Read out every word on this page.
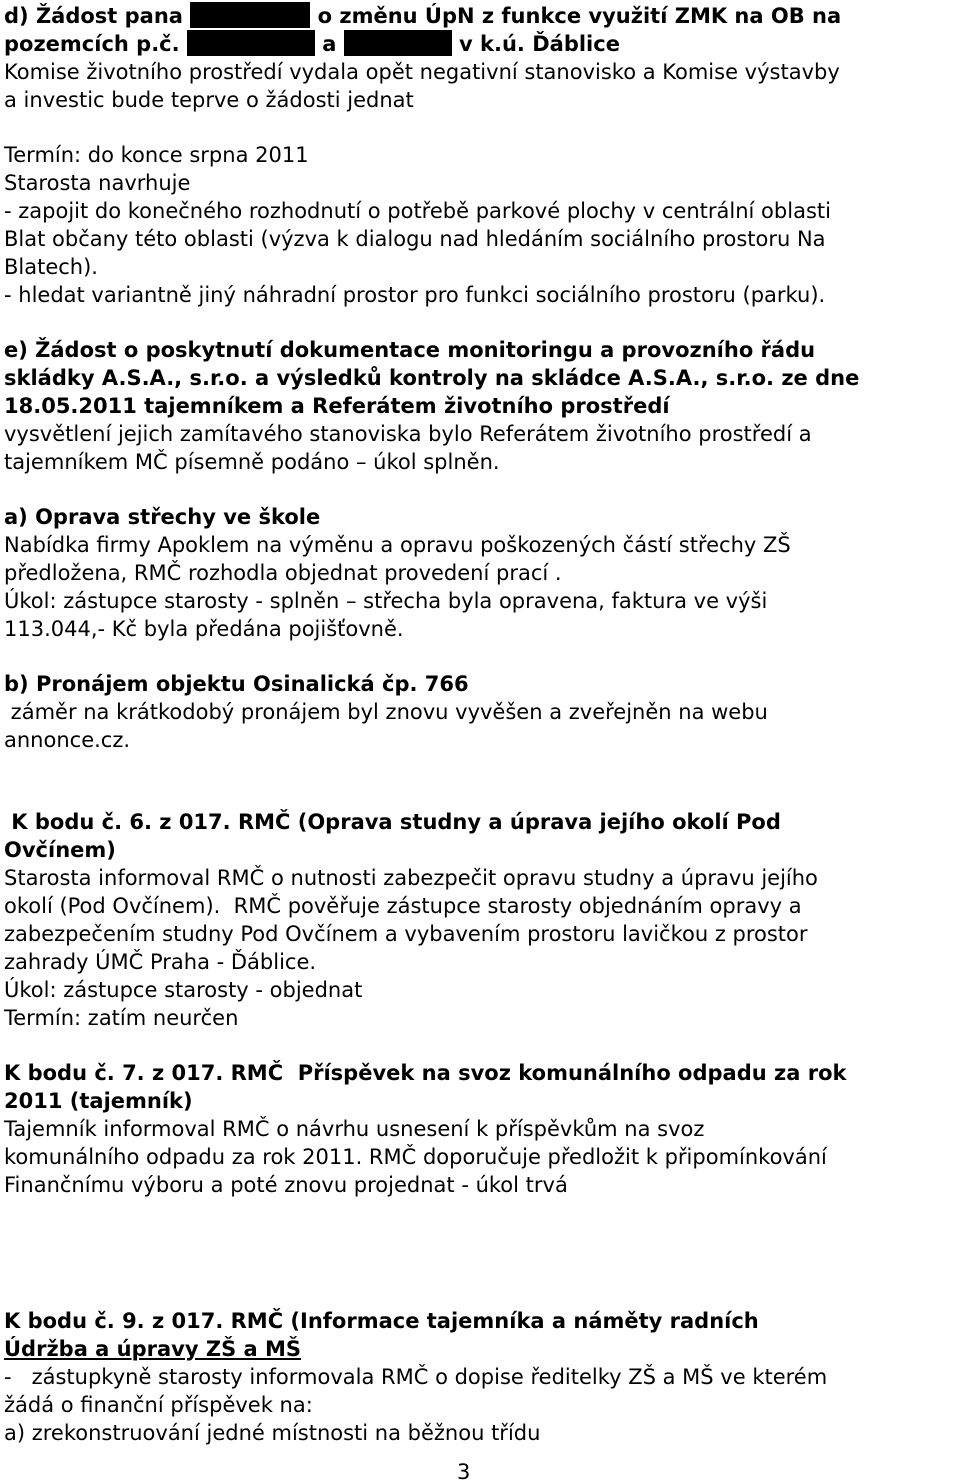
d) Žádost pana	o změnu ÚpN z funkce využití ZMK na OB na
pozemcích p.č.	a	v k.ú. Ďáblice
Komise životního prostředí vydala opět negativní stanovisko a Komise výstavby
a investic bude teprve o žádosti jednat
Termín: do konce srpna 2011
Starosta navrhuje
- zapojit do konečného rozhodnutí o potřebě parkové plochy v centrální oblasti
Blat občany této oblasti (výzva k dialogu nad hledáním sociálního prostoru Na
Blatech).
- hledat variantně jiný náhradní prostor pro funkci sociálního prostoru (parku).
e) Žádost o poskytnutí dokumentace monitoringu a provozního řádu
skládky A.S.A., s.r.o. a výsledků kontroly na skládce A.S.A., s.r.o. ze dne
18.05.2011 tajemníkem a Referátem životního prostředí
vysvětlení jejich zamítavého stanoviska bylo Referátem životního prostředí a
tajemníkem MČ písemně podáno – úkol splněn.
a) Oprava střechy ve škole
Nabídka firmy Apoklem na výměnu a opravu poškozených částí střechy ZŠ
předložena, RMČ rozhodla objednat provedení prací .
Úkol: zástupce starosty - splněn – střecha byla opravena, faktura ve výši
113.044,- Kč byla předána pojišťovně.
b) Pronájem objektu Osinalická čp. 766
záměr na krátkodobý pronájem byl znovu vyvěšen a zveřejněn na webu
annonce.cz.
K bodu č. 6. z 017. RMČ (Oprava studny a úprava jejího okolí Pod
Ovčínem)
Starosta informoval RMČ o nutnosti zabezpečit opravu studny a úpravu jejího
okolí (Pod Ovčínem).  RMČ pověřuje zástupce starosty objednáním opravy a
zabezpečením studny Pod Ovčínem a vybavením prostoru lavičkou z prostor
zahrady ÚMČ Praha - Ďáblice.
Úkol: zástupce starosty - objednat
Termín: zatím neurčen
K bodu č. 7. z 017. RMČ  Příspěvek na svoz komunálního odpadu za rok
2011 (tajemník)
Tajemník informoval RMČ o návrhu usnesení k příspěvkům na svoz
komunálního odpadu za rok 2011. RMČ doporučuje předložit k připomínkování
Finančnímu výboru a poté znovu projednat - úkol trvá
K bodu č. 9. z 017. RMČ (Informace tajemníka a náměty radních
Údržba a úpravy ZŠ a MŠ
-   zástupkyně starosty informovala RMČ o dopise ředitelky ZŠ a MŠ ve kterém
žádá o finanční příspěvek na:
a) zrekonstruování jedné místnosti na běžnou třídu
3
